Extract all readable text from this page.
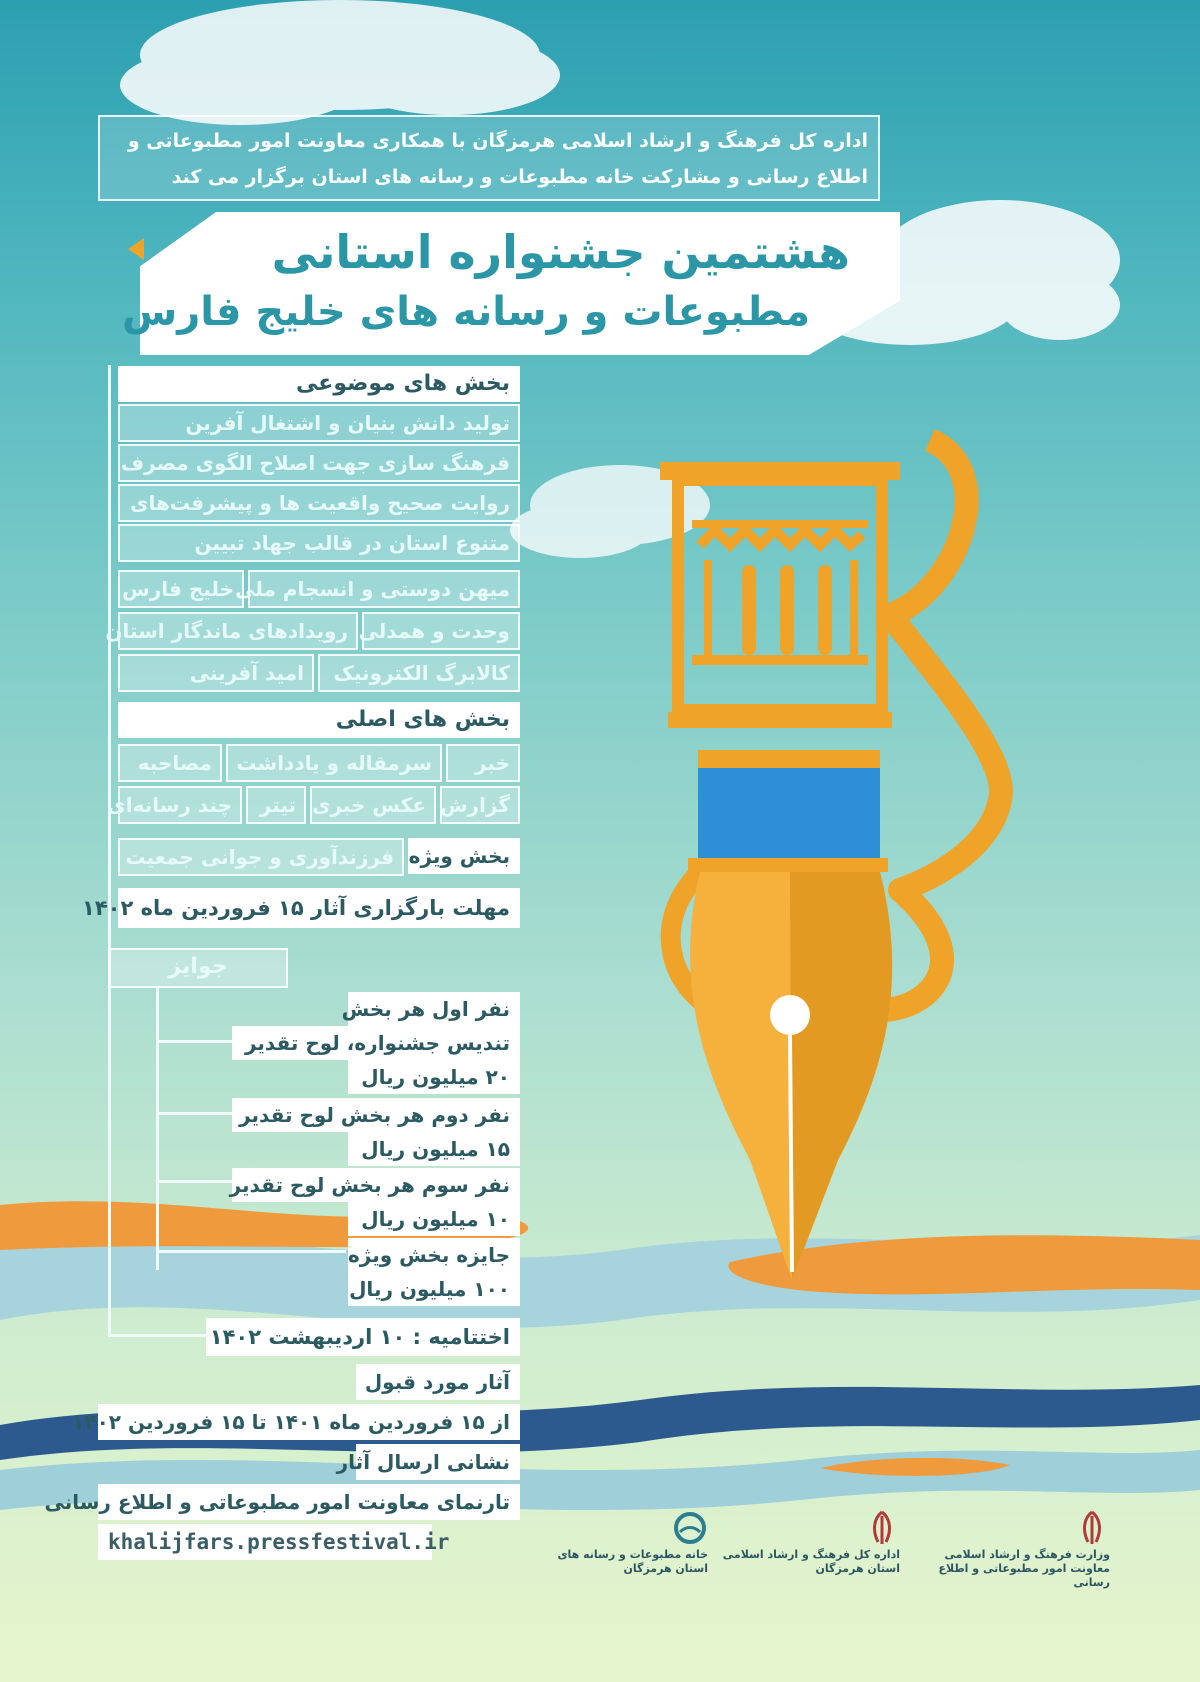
اداره کل فرهنگ و ارشاد اسلامی هرمزگان با همکاری معاونت امور مطبوعاتی و
اطلاع رسانی و مشارکت خانه مطبوعات و رسانه های استان برگزار می کند
هشتمین جشنواره استانی
مطبوعات و رسانه های خلیج فارس
بخش های موضوعی
تولید دانش بنیان و اشتغال آفرین
فرهنگ سازی جهت اصلاح الگوی مصرف
روایت صحیح واقعیت ها و پیشرفت‌های
متنوع استان در قالب جهاد تبیین
میهن دوستی و انسجام ملی
خلیج فارس
وحدت و همدلی
رویدادهای ماندگار استان
کالابرگ الکترونیک
امید آفرینی
بخش های اصلی
خبر
سرمقاله و یادداشت
مصاحبه
گزارش
عکس خبری
تیتر
چند رسانه‌ای
بخش ویژه
فرزندآوری و جوانی جمعیت
مهلت بارگزاری آثار ۱۵ فروردین ماه ۱۴۰۲
جوایز
نفر اول هر بخش
تندیس جشنواره، لوح تقدیر
۲۰ میلیون ریال
نفر دوم هر بخش لوح تقدیر
۱۵ میلیون ریال
نفر سوم هر بخش لوح تقدیر
۱۰ میلیون ریال
جایزه بخش ویژه
۱۰۰ میلیون ریال
اختتامیه : ۱۰ اردیبهشت ۱۴۰۲
آثار مورد قبول
از ۱۵ فروردین ماه ۱۴۰۱ تا ۱۵ فروردین ۱۴۰۲
نشانی ارسال آثار
تارنمای معاونت امور مطبوعاتی و اطلاع رسانی
khalijfars.pressfestival.ir

وزارت فرهنگ و ارشاد اسلامی
معاونت امور مطبوعاتی و اطلاع رسانی

اداره کل فرهنگ و ارشاد اسلامی
استان هرمزگان

خانه مطبوعات و رسانه های
استان هرمزگان
